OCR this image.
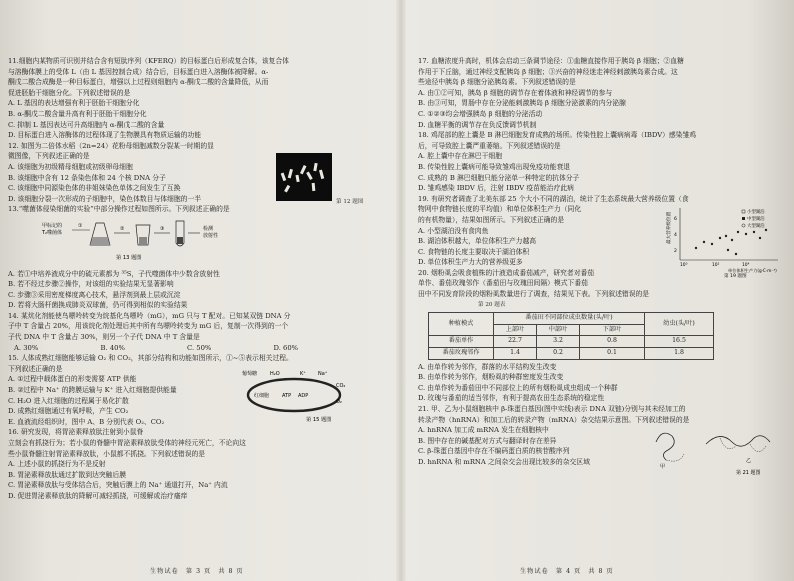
11.细胞内某物质可识别并结合含有短肽序列（KFERQ）的目标蛋白后形成复合体，该复合体

与溶酶体膜上的受体 L（由 L 基因控制合成）结合后，目标蛋白进入溶酶体被降解。α-

酮戊二酸合成酶是一种目标蛋白，增强以上过程则细胞内 α-酮戊二酸的含量降低，从而

促进胚胎干细胞分化。下列叙述错误的是

A. L 基因的表达增强有利于胚胎干细胞分化

B. α-酮戊二酸含量升高有利于胚胎干细胞分化

C. 抑制 L 基因表达可升高细胞内 α-酮戊二酸的含量

D. 目标蛋白进入溶酶体的过程体现了生物膜具有物质运输的功能

12. 如图为二倍体水稻（2n=24）花粉母细胞减数分裂某一时期的显

微图像，下列叙述正确的是

A. 该细胞为初级精母细胞或初级卵母细胞

B. 该细胞中含有 12 条染色体和 24 个核 DNA 分子

C. 该细胞中同源染色体的非姐妹染色单体之间发生了互换

D. 该细胞分裂一次形成的子细胞中，染色体数目与体细胞的一半	第 12 题图

13.“噬菌体侵染细菌的实验”中部分操作过程如图所示。下列叙述正确的是

甲标记的
T₂噬菌体
①	②	③	检测
放射性
第 13 题图

A. 若①中培养液成分中的硫元素都为 ³⁵S，子代噬菌体中少数含放射性

B. 若不经过步骤②操作，对该组的实验结果无显著影响

C. 步骤③采用密度梯度离心技术，悬浮剂到最上层或沉淀

D. 若将大肠杆菌换成肺炎双球菌，仍可得到相似的实验结果

14. 某炕化剂能使鸟嘌呤转变为烷基化鸟嘌呤（mG），mG 只与 T 配对。已知某双链 DNA 分

子中 T 含量占 20%，用该烷化剂处理后其中所有鸟嘌呤转变为 mG 后，复制一次得到的一个

子代 DNA 中 T 含量占 30%，则另一个子代 DNA 中 T 含量是

A. 30%	B. 40%	C. 50%	D. 60%

15. 人体成熟红细胞能够运输 O₂ 和 CO₂，其部分结构和功能如图所示，①~⑤表示相关过程。

下列叙述正确的是

A. ①过程中载体蛋白的形变需要 ATP 供能

B. ②过程中 Na⁺ 的跨膜运输与 K⁺ 进入红细胞提供能量

C. H₂O 进入红细胞的过程属于易化扩散

D. 成熟红细胞通过有氧呼吸，产生 CO₂

葡萄糖	H₂O	K⁺
ATP ADP
Na⁺
CO₂
O₂
红细胞
第 15 题图

E. 血液流经组织时，图中 A、B 分别代表 O₂、CO₂

16. 研究发现，将胃泌素释放肽注射到小鼠脊

立刻会有抓挠行为；若小鼠的脊髓中胃泌素释放肽受体的神经元死亡，不论向这

些小鼠脊髓注射胃泌素释放肽，小鼠都不抓挠。下列叙述错误的是

A. 上述小鼠的抓挠行为不是反射

B. 胃泌素释放肽通过扩散到达突触后膜

C. 胃泌素释放肽与受体结合后，突触后膜上的 Na⁺ 通道打开，Na⁺ 内流

D. 促进胃泌素释放肽的降解可减轻抓挠，可缓解或治疗瘙痒

生物试卷　第 3 页　共 8 页

17. 血糖浓度升高时，机体会启动三条调节途径：①血糖直接作用于胰岛 β 细胞；②血糖

作用于下丘脑，通过神经支配胰岛 β 细胞；③兴奋的神经迷走神经刺激胰岛素合成。这

些途径中胰岛 β 细胞分泌胰岛素。下列叙述错误的是

A. 由①②可知，胰岛 β 细胞的调节存在着体液和神经调节的参与

B. 由③可知，胃肠中存在分泌能刺激胰岛 β 细胞分泌激素的内分泌腺

C. ①②③均会增强胰岛 β 细胞的分泌活动

D. 血糖平衡的调节存在负反馈调节机制

18. 鸡尾部的腔上囊是 B 淋巴细胞发育成熟的场所。传染性腔上囊病病毒（IBDV）感染雏鸡

后，可导致腔上囊严重萎缩。下列叙述错误的是

A. 腔上囊中存在淋巴干细胞

B. 传染性腔上囊病可能导致雏鸡出现免疫功能衰退

C. 成熟的 B 淋巴细胞只能分泌单一种特定的抗体分子

D. 雏鸡感染 IBDV 后，注射 IBDV 疫苗能治疗此病

19. 有研究者调查了北美东部 25 个大小不同的湖泊，统计了生态系统最大营养级位置（食

物网中食物链长度的平均值）和单位体积生产力（同化

的有机物量），结果如图所示。下列叙述正确的是

A. 小型湖泊没有食肉鱼

B. 湖泊体积越大，单位体积生产力越高

C. 食物链的长度主要取决于湖泊体积

D. 单位体积生产力大的营养级更多

最大营养级位置 6
4
2
10⁰	10²	10⁴
单位体积生产力(g·C·m⁻³)
小型湖泊
中型湖泊
大型湖泊
第 19 题图

20. 烟粉虱会吸食植株的汁液造成番茄减产，研究者对番茄

单作、番茄玫瑰邻作（番茄田与玫瑰田间隔）模式下番茄

田中不同发育阶段的烟粉虱数量进行了调查，结果见下表。下列叙述错误的是

第 20 题表
种植模式	番茄田不同部位成虫数量(头/叶)			幼虫(头/叶)
	上部叶	中部叶	下部叶	
番茄单作	22.7	3.2	0.8	16.5
番茄玫瑰邻作	1.4	0.2	0.1	1.8

A. 由单作转为邻作，群落的水平结构发生改变

B. 由单作转为邻作，烟粉虱的种群密度发生改变

C. 由单作转为番茄田中不同部位上的所有烟粉虱成虫组成一个种群

D. 玫瑰与番茄的适当邻作，有利于提高农田生态系统的稳定性

21. 甲、乙为小鼠细胞核中 β-珠蛋白基因(图中实线)表示 DNA 双链)分别与其未经加工的

转录产物（hnRNA）和加工后的转录产物（mRNA）杂交结果示意图。下列叙述错误的是

A. hnRNA 加工成 mRNA 发生在细胞核中

B. 图中存在的碱基配对方式与翻译时存在差异

C. β-珠蛋白基因中存在不编码蛋白质的核苷酸序列

D. hnRNA 和 mRNA 之间杂交会出现比较多的杂交区域

甲
乙
第 21 题图
生物试卷　第 4 页　共 8 页
